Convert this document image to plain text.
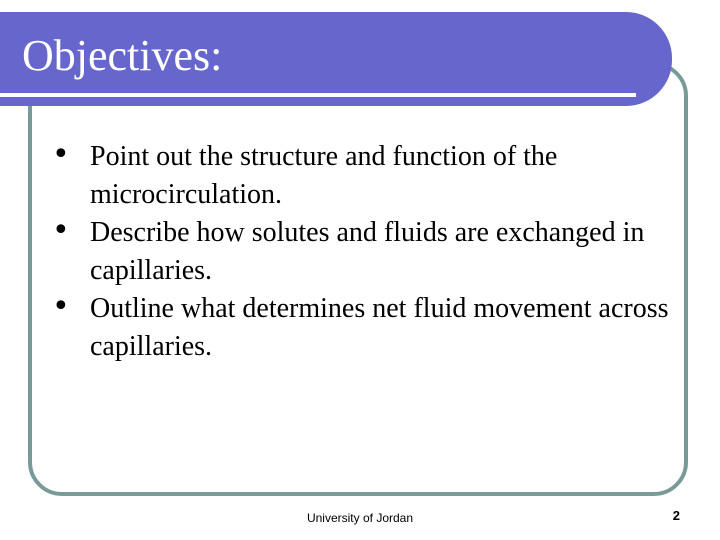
Objectives:
• Point out the structure and function of the microcirculation.
• Describe how solutes and fluids are exchanged in capillaries.
• Outline what determines net fluid movement across capillaries.
University of Jordan	2
